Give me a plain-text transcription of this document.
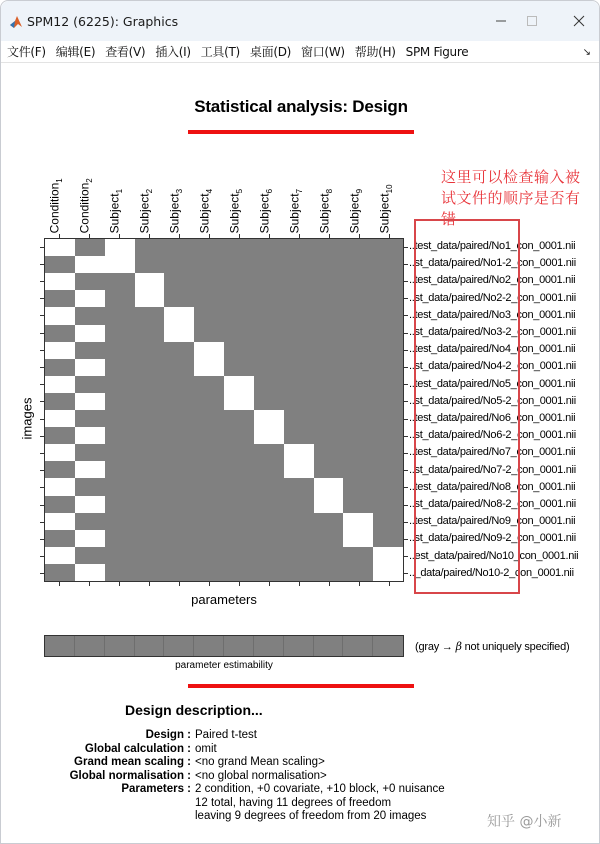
SPM12 (6225): Graphics
文件(F) 编辑(E) 查看(V) 插入(I) 工具(T) 桌面(D) 窗口(W) 帮助(H) SPM Figure	↘
Statistical analysis: Design
Condition$_1$
Condition$_2$
Subject$_1$
Subject$_2$
Subject$_3$
Subject$_4$
Subject$_5$
Subject$_6$
Subject$_7$
Subject$_8$
Subject$_9$
Subject$_{10}$
..test_data/paired/No1_con_0001.nii
..st_data/paired/No1-2_con_0001.nii
..test_data/paired/No2_con_0001.nii
..st_data/paired/No2-2_con_0001.nii
..test_data/paired/No3_con_0001.nii
..st_data/paired/No3-2_con_0001.nii
..test_data/paired/No4_con_0001.nii
..st_data/paired/No4-2_con_0001.nii
..test_data/paired/No5_con_0001.nii
..st_data/paired/No5-2_con_0001.nii
..test_data/paired/No6_con_0001.nii
..st_data/paired/No6-2_con_0001.nii
..test_data/paired/No7_con_0001.nii
..st_data/paired/No7-2_con_0001.nii
..test_data/paired/No8_con_0001.nii
..st_data/paired/No8-2_con_0001.nii
..test_data/paired/No9_con_0001.nii
..st_data/paired/No9-2_con_0001.nii
..est_data/paired/No10_con_0001.nii
.._data/paired/No10-2_con_0001.nii
images
parameters
这里可以检查输入被试文件的顺序是否有错
parameter estimability
(gray → β not uniquely specified)
Design description...
Design : Paired t-test
Global calculation : omit
Grand mean scaling : <no grand Mean scaling>
Global normalisation : <no global normalisation>
Parameters : 2 condition, +0 covariate, +10 block, +0 nuisance
12 total, having 11 degrees of freedom
leaving 9 degrees of freedom from 20 images	知乎 @小新
